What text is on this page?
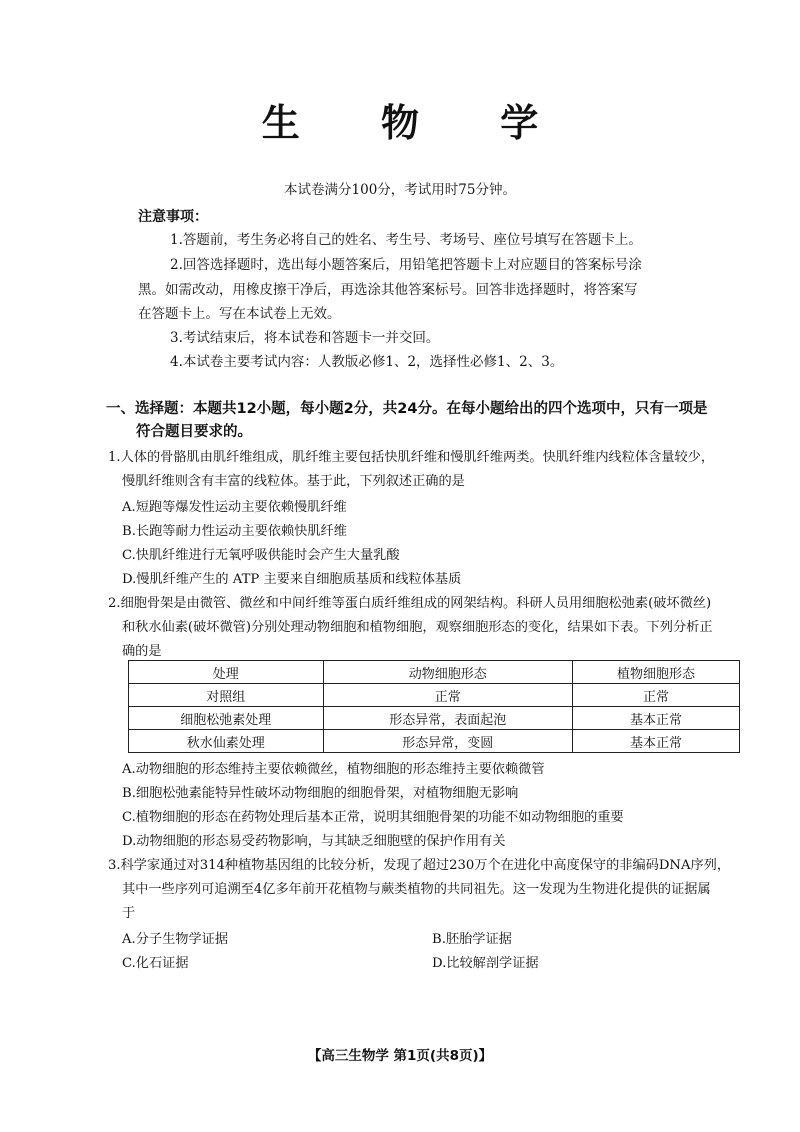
生 物 学
本试卷满分100分，考试用时75分钟。
注意事项：
1.答题前，考生务必将自己的姓名、考生号、考场号、座位号填写在答题卡上。
2.回答选择题时，选出每小题答案后，用铅笔把答题卡上对应题目的答案标号涂
黑。如需改动，用橡皮擦干净后，再选涂其他答案标号。回答非选择题时，将答案写
在答题卡上。写在本试卷上无效。
3.考试结束后，将本试卷和答题卡一并交回。
4.本试卷主要考试内容：人教版必修1、2，选择性必修1、2、3。
一、选择题：本题共12小题，每小题2分，共24分。在每小题给出的四个选项中，只有一项是
符合题目要求的。
1.人体的骨骼肌由肌纤维组成，肌纤维主要包括快肌纤维和慢肌纤维两类。快肌纤维内线粒体含量较少，
慢肌纤维则含有丰富的线粒体。基于此，下列叙述正确的是
A.短跑等爆发性运动主要依赖慢肌纤维
B.长跑等耐力性运动主要依赖快肌纤维
C.快肌纤维进行无氧呼吸供能时会产生大量乳酸
D.慢肌纤维产生的 ATP 主要来自细胞质基质和线粒体基质
2.细胞骨架是由微管、微丝和中间纤维等蛋白质纤维组成的网架结构。科研人员用细胞松弛素(破坏微丝)
和秋水仙素(破坏微管)分别处理动物细胞和植物细胞，观察细胞形态的变化，结果如下表。下列分析正
确的是
处理	动物细胞形态	植物细胞形态
对照组	正常	正常
细胞松弛素处理	形态异常，表面起泡	基本正常
秋水仙素处理	形态异常，变圆	基本正常
A.动物细胞的形态维持主要依赖微丝，植物细胞的形态维持主要依赖微管
B.细胞松弛素能特异性破坏动物细胞的细胞骨架，对植物细胞无影响
C.植物细胞的形态在药物处理后基本正常，说明其细胞骨架的功能不如动物细胞的重要
D.动物细胞的形态易受药物影响，与其缺乏细胞壁的保护作用有关
3.科学家通过对314种植物基因组的比较分析，发现了超过230万个在进化中高度保守的非编码DNA序列，
其中一些序列可追溯至4亿多年前开花植物与蕨类植物的共同祖先。这一发现为生物进化提供的证据属
于
A.分子生物学证据	B.胚胎学证据
C.化石证据	D.比较解剖学证据
【高三生物学 第1页(共8页)】
